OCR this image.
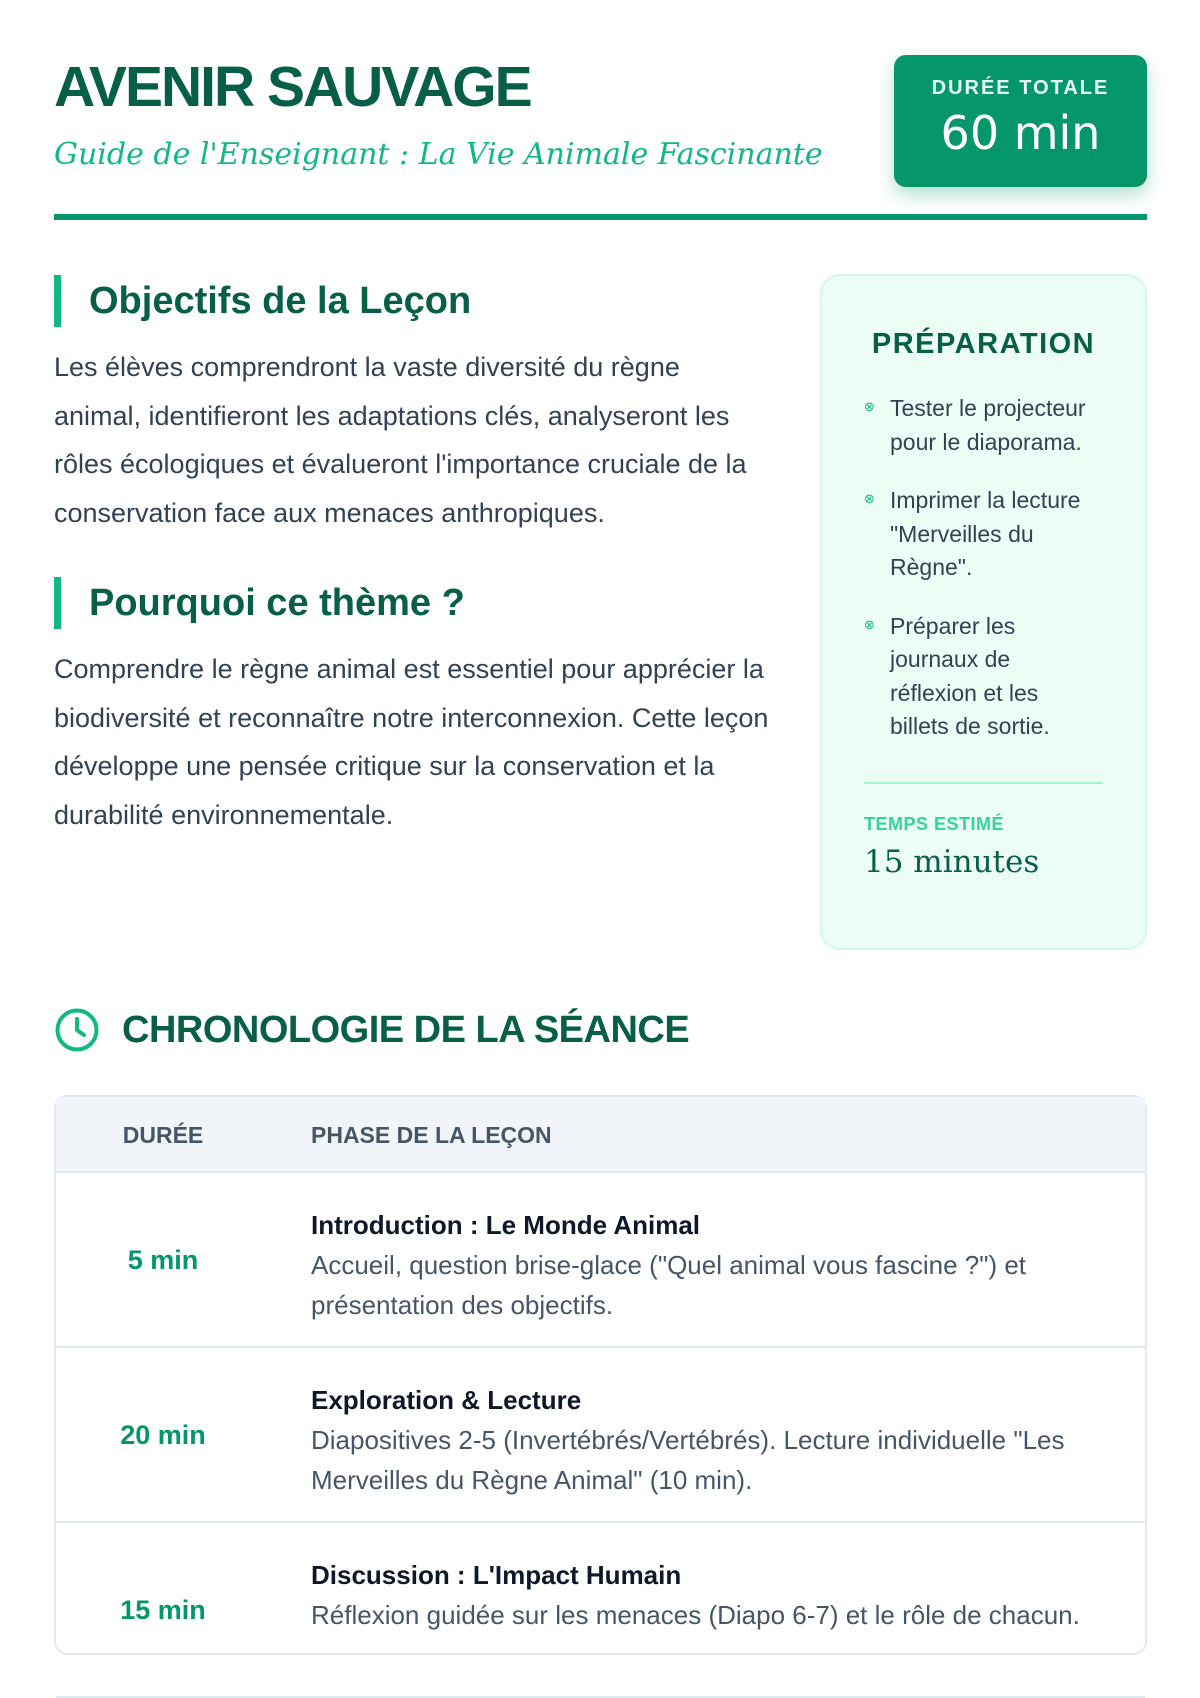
AVENIR SAUVAGE
Guide de l'Enseignant : La Vie Animale Fascinante
DURÉE TOTALE
60 min
Objectifs de la Leçon

Les élèves comprendront la vaste diversité du règne animal, identifieront les adaptations clés, analyseront les rôles écologiques et évalueront l'importance cruciale de la conservation face aux menaces anthropiques.

Pourquoi ce thème ?

Comprendre le règne animal est essentiel pour apprécier la biodiversité et reconnaître notre interconnexion. Cette leçon développe une pensée critique sur la conservation et la durabilité environnementale.

PRÉPARATION
⊗ Tester le projecteur pour le diaporama.
⊗ Imprimer la lecture "Merveilles du Règne".
⊗ Préparer les journaux de réflexion et les billets de sortie.
TEMPS ESTIMÉ
15 minutes
CHRONOLOGIE DE LA SÉANCE
DURÉE	PHASE DE LA LEÇON
5 min
Introduction : Le Monde Animal
Accueil, question brise-glace ("Quel animal vous fascine ?") et présentation des objectifs.
20 min
Exploration & Lecture
Diapositives 2-5 (Invertébrés/Vertébrés). Lecture individuelle "Les Merveilles du Règne Animal" (10 min).
15 min
Discussion : L'Impact Humain
Réflexion guidée sur les menaces (Diapo 6-7) et le rôle de chacun.
